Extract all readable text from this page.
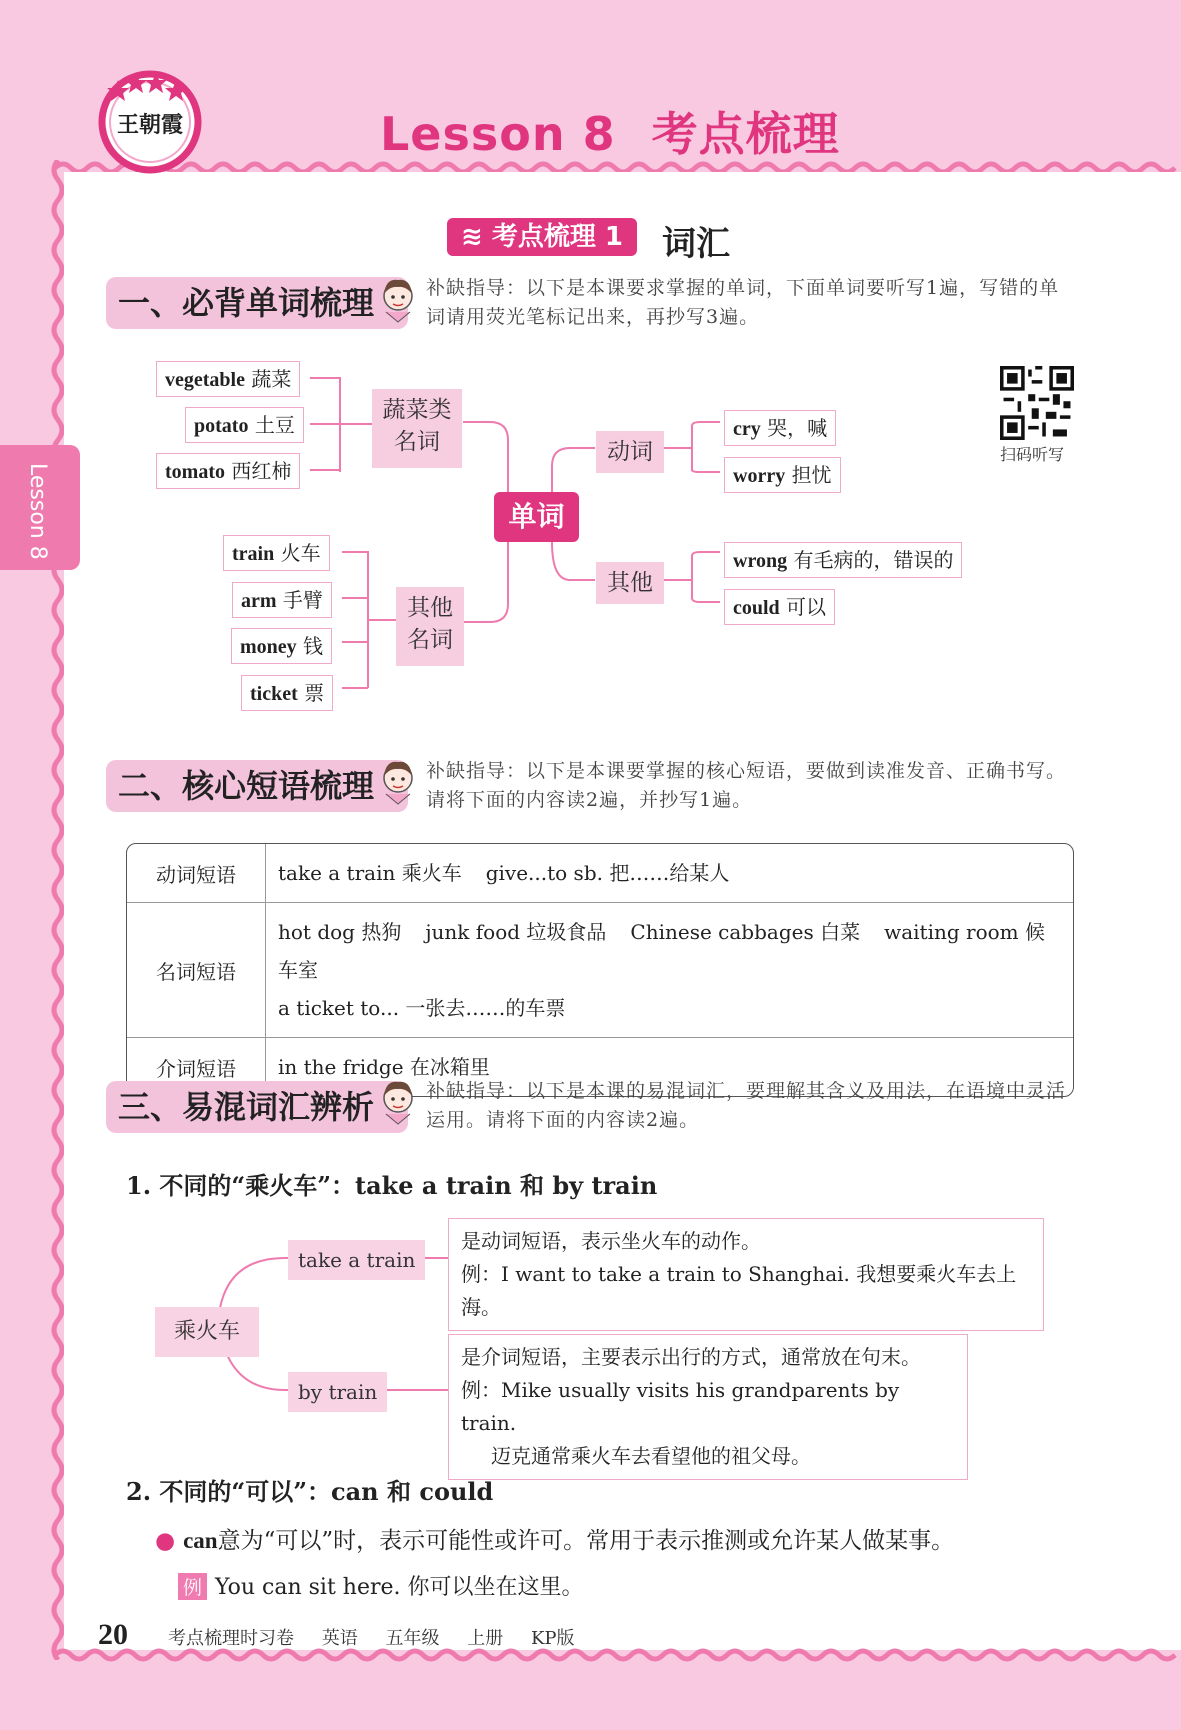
王朝霞	Lesson 8 考点梳理
Lesson 8
≋ 考点梳理 1	词汇
一、必背单词梳理	补缺指导：以下是本课要求掌握的单词，下面单词要听写1遍，写错的单词请用荧光笔标记出来，再抄写3遍。
vegetable 蔬菜
potato 土豆
tomato 西红柿
蔬菜类名词
单词
train 火车
arm 手臂
money 钱
ticket 票
其他名词
动词
其他
cry 哭，喊
worry 担忧
wrong 有毛病的，错误的
could 可以
扫码听写
二、核心短语梳理	补缺指导：以下是本课要掌握的核心短语，要做到读准发音、正确书写。请将下面的内容读2遍，并抄写1遍。
动词短语	take a train 乘火车 give...to sb. 把……给某人
名词短语	hot dog 热狗 junk food 垃圾食品 Chinese cabbages 白菜 waiting room 候车室
a ticket to... 一张去……的车票
介词短语	in the fridge 在冰箱里
三、易混词汇辨析	补缺指导：以下是本课的易混词汇，要理解其含义及用法，在语境中灵活运用。请将下面的内容读2遍。
1. 不同的“乘火车”：take a train 和 by train
乘火车
take a train
by train
是动词短语，表示坐火车的动作。
例：I want to take a train to Shanghai. 我想要乘火车去上海。
是介词短语，主要表示出行的方式，通常放在句末。
例：Mike usually visits his grandparents by train.
迈克通常乘火车去看望他的祖父母。
2. 不同的“可以”：can 和 could
● can意为“可以”时，表示可能性或许可。常用于表示推测或允许某人做某事。
例 You can sit here. 你可以坐在这里。
20 考点梳理时习卷 英语 五年级 上册 KP版
